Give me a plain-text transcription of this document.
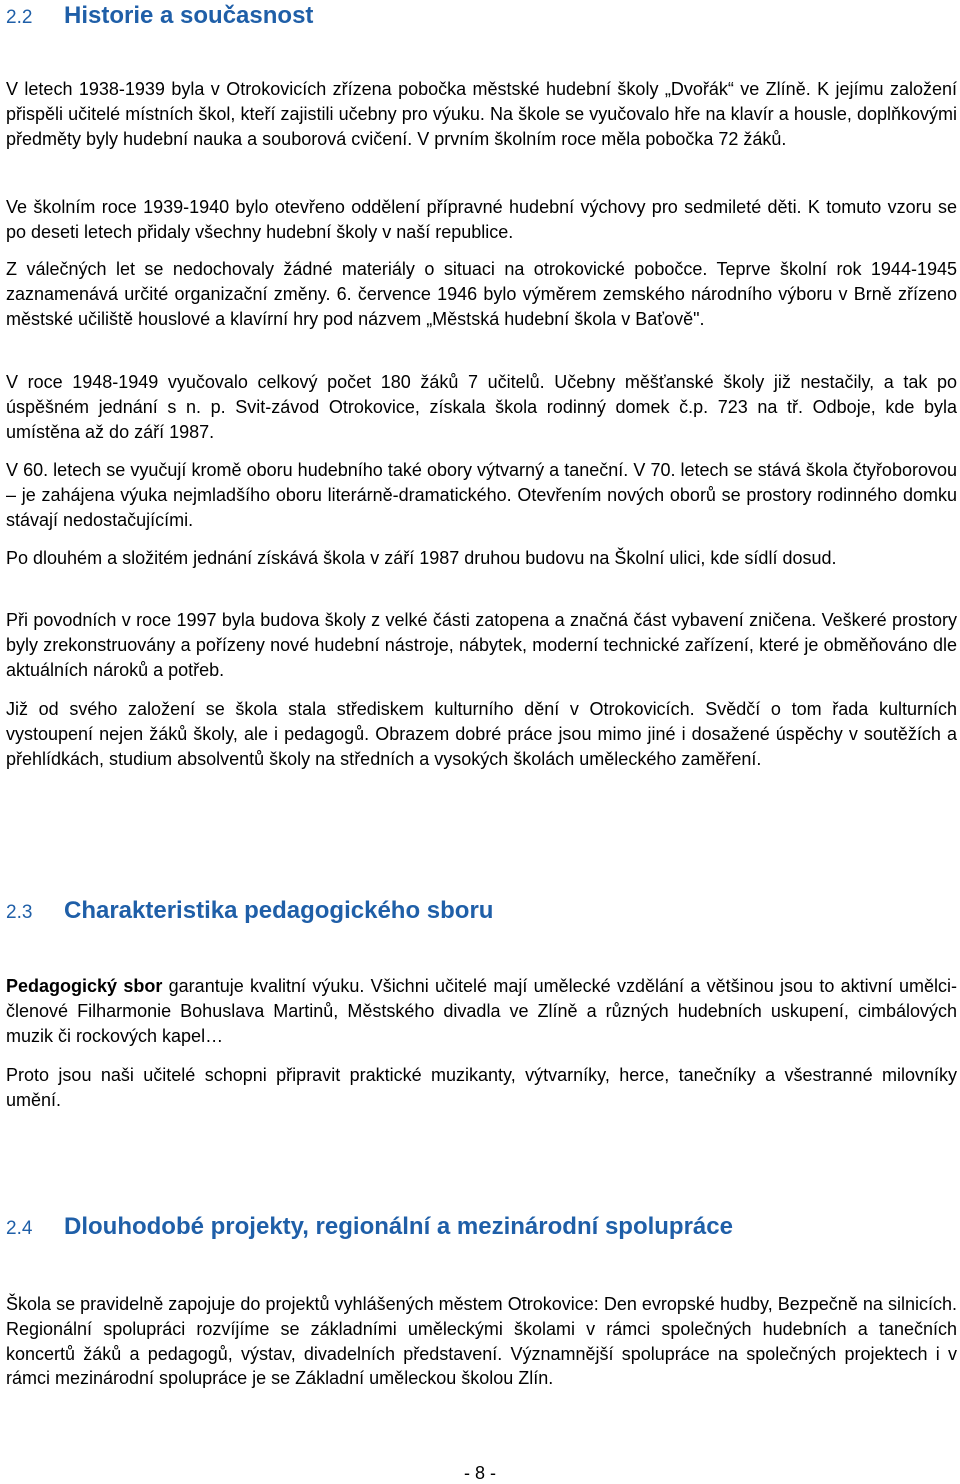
2.2 Historie a současnost
V letech 1938-1939 byla v Otrokovicích zřízena pobočka městské hudební školy „Dvořák“ ve Zlíně. K jejímu založení přispěli učitelé místních škol, kteří zajistili učebny pro výuku. Na škole se vyučovalo hře na klavír a housle, doplňkovými předměty byly hudební nauka a souborová cvičení. V prvním školním roce měla pobočka 72 žáků.
Ve školním roce 1939-1940 bylo otevřeno oddělení přípravné hudební výchovy pro sedmileté děti. K tomuto vzoru se po deseti letech přidaly všechny hudební školy v naší republice.
Z válečných let se nedochovaly žádné materiály o situaci na otrokovické pobočce. Teprve školní rok 1944-1945 zaznamenává určité organizační změny. 6. července 1946 bylo výměrem zemského národního výboru v Brně zřízeno městské učiliště houslové a klavírní hry pod názvem „Městská hudební škola v Baťově".
V roce 1948-1949 vyučovalo celkový počet 180 žáků 7 učitelů. Učebny měšťanské školy již nestačily, a tak po úspěšném jednání s n. p. Svit-závod Otrokovice, získala škola rodinný domek č.p. 723 na tř. Odboje, kde byla umístěna až do září 1987.
V 60. letech se vyučují kromě oboru hudebního také obory výtvarný a taneční. V 70. letech se stává škola čtyřoborovou – je zahájena výuka nejmladšího oboru literárně-dramatického. Otevřením nových oborů se prostory rodinného domku stávají nedostačujícími.
Po dlouhém a složitém jednání získává škola v září 1987 druhou budovu na Školní ulici, kde sídlí dosud.
Při povodních v roce 1997 byla budova školy z velké části zatopena a značná část vybavení zničena. Veškeré prostory byly zrekonstruovány a pořízeny nové hudební nástroje, nábytek, moderní technické zařízení, které je obměňováno dle aktuálních nároků a potřeb.
Již od svého založení se škola stala střediskem kulturního dění v Otrokovicích. Svědčí o tom řada kulturních vystoupení nejen žáků školy, ale i pedagogů. Obrazem dobré práce jsou mimo jiné i dosažené úspěchy v soutěžích a přehlídkách, studium absolventů školy na středních a vysokých školách uměleckého zaměření.
2.3 Charakteristika pedagogického sboru
Pedagogický sbor garantuje kvalitní výuku. Všichni učitelé mají umělecké vzdělání a většinou jsou to aktivní umělci- členové Filharmonie Bohuslava Martinů, Městského divadla ve Zlíně a různých hudebních uskupení, cimbálových muzik či rockových kapel…
Proto jsou naši učitelé schopni připravit praktické muzikanty, výtvarníky, herce, tanečníky a všestranné milovníky umění.
2.4 Dlouhodobé projekty, regionální a mezinárodní spolupráce
Škola se pravidelně zapojuje do projektů vyhlášených městem Otrokovice: Den evropské hudby, Bezpečně na silnicích. Regionální spolupráci rozvíjíme se základními uměleckými školami v rámci společných hudebních a tanečních koncertů žáků a pedagogů, výstav, divadelních představení. Významnější spolupráce na společných projektech i v rámci mezinárodní spolupráce je se Základní uměleckou školou Zlín.
- 8 -
